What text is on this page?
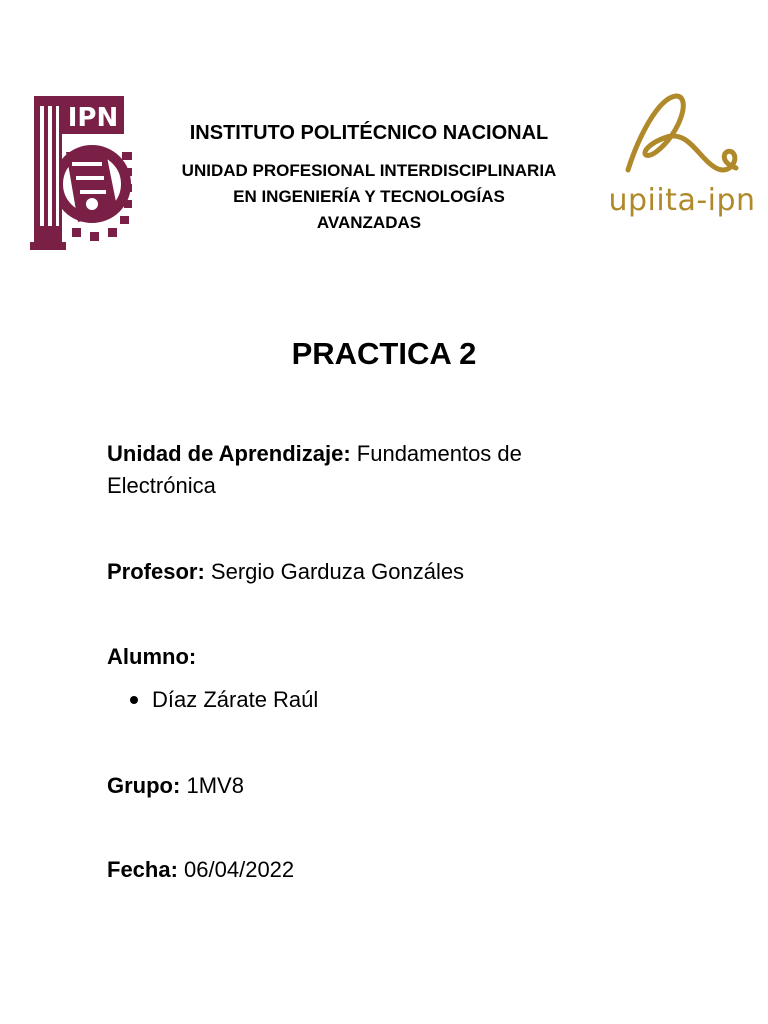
IPN	INSTITUTO POLITÉCNICO NACIONAL
UNIDAD PROFESIONAL INTERDISCIPLINARIA
EN INGENIERÍA Y TECNOLOGÍAS
AVANZADAS
upiita-ipn
PRACTICA 2
Unidad de Aprendizaje: Fundamentos de Electrónica
Profesor: Sergio Garduza Gonzáles
Alumno:
Díaz Zárate Raúl
Grupo: 1MV8
Fecha: 06/04/2022
